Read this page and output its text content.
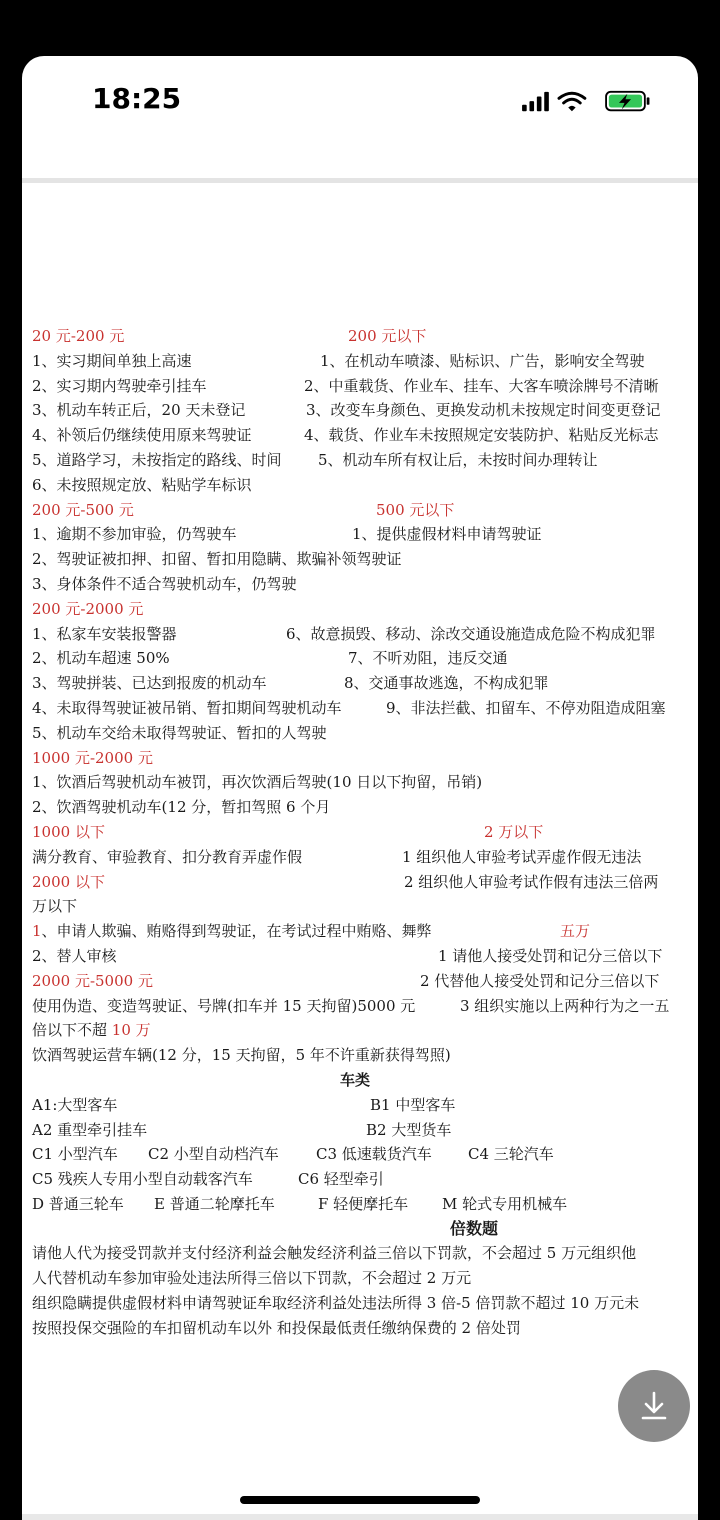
18:25
20 元-200 元	200 元以下
1、实习期间单独上高速	1、在机动车喷漆、贴标识、广告，影响安全驾驶
2、实习期内驾驶牵引挂车	2、中重载货、作业车、挂车、大客车喷涂牌号不清晰
3、机动车转正后，20 天未登记	3、改变车身颜色、更换发动机未按规定时间变更登记
4、补领后仍继续使用原来驾驶证	4、载货、作业车未按照规定安装防护、粘贴反光标志
5、道路学习，未按指定的路线、时间 5、机动车所有权让后，未按时间办理转让
6、未按照规定放、粘贴学车标识
200 元-500 元	500 元以下
1、逾期不参加审验，仍驾驶车	1、提供虚假材料申请驾驶证
2、驾驶证被扣押、扣留、暂扣用隐瞒、欺骗补领驾驶证
3、身体条件不适合驾驶机动车，仍驾驶
200 元-2000 元
1、私家车安装报警器	6、故意损毁、移动、涂改交通设施造成危险不构成犯罪
2、机动车超速 50%	7、不听劝阻，违反交通
3、驾驶拼装、已达到报废的机动车	8、交通事故逃逸，不构成犯罪
4、未取得驾驶证被吊销、暂扣期间驾驶机动车	9、非法拦截、扣留车、不停劝阻造成阻塞
5、机动车交给未取得驾驶证、暂扣的人驾驶
1000 元-2000 元
1、饮酒后驾驶机动车被罚，再次饮酒后驾驶(10 日以下拘留，吊销)
2、饮酒驾驶机动车(12 分，暂扣驾照 6 个月
1000 以下	2 万以下
满分教育、审验教育、扣分教育弄虚作假	1 组织他人审验考试弄虚作假无违法
2000 以下	2 组织他人审验考试作假有违法三倍两
万以下
1、申请人欺骗、贿赂得到驾驶证，在考试过程中贿赂、舞弊	五万
2、替人审核	1 请他人接受处罚和记分三倍以下
2000 元-5000 元	2 代替他人接受处罚和记分三倍以下
使用伪造、变造驾驶证、号牌(扣车并 15 天拘留)5000 元	3 组织实施以上两种行为之一五
倍以下不超 10 万
饮酒驾驶运营车辆(12 分，15 天拘留，5 年不许重新获得驾照)
车类
A1:大型客车	B1 中型客车
A2 重型牵引挂车	B2 大型货车
C1 小型汽车 C2 小型自动档汽车 C3 低速载货汽车 C4 三轮汽车
C5 残疾人专用小型自动载客汽车	C6 轻型牵引
D 普通三轮车 E 普通二轮摩托车	F 轻便摩托车 M 轮式专用机械车
倍数题
请他人代为接受罚款并支付经济利益会触发经济利益三倍以下罚款，不会超过 5 万元组织他
人代替机动车参加审验处违法所得三倍以下罚款，不会超过 2 万元
组织隐瞒提供虚假材料申请驾驶证牟取经济利益处违法所得 3 倍-5 倍罚款不超过 10 万元未
按照投保交强险的车扣留机动车以外 和投保最低责任缴纳保费的 2 倍处罚
